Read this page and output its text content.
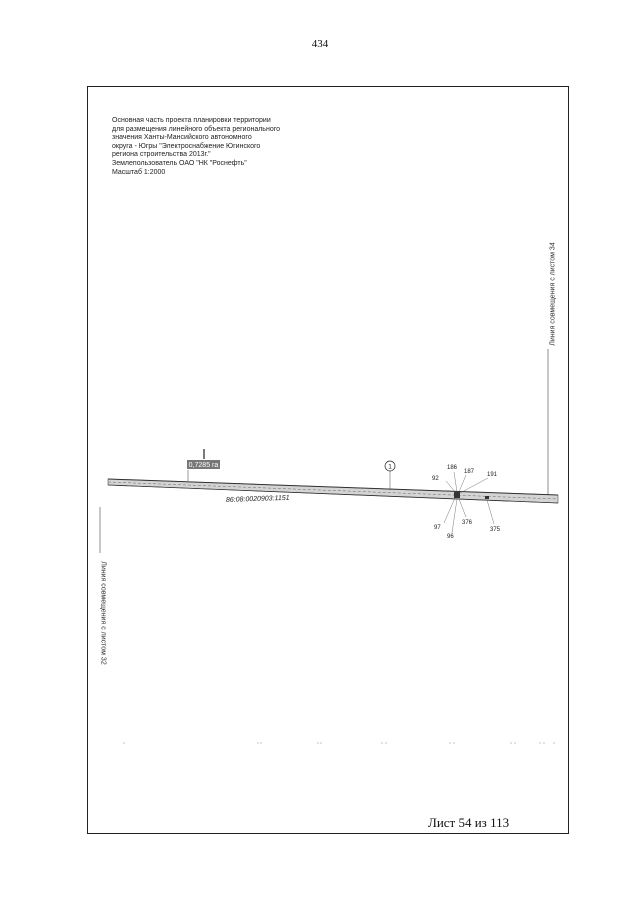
434
Основная часть проекта планировки территории
для размещения линейного объекта регионального
значения Ханты-Мансийского автономного
округа - Югры "Электроснабжение Югинского
региона строительства 2013г."
Землепользователь ОАО "НК "Роснефть"
Масштаб 1:2000
Линия совмещения с листом 34
Линия совмещения с листом 32
0,7285 га
86:08:0020903:1151
1
92
186
187 191
97
96
376
375
Лист 54 из 113
